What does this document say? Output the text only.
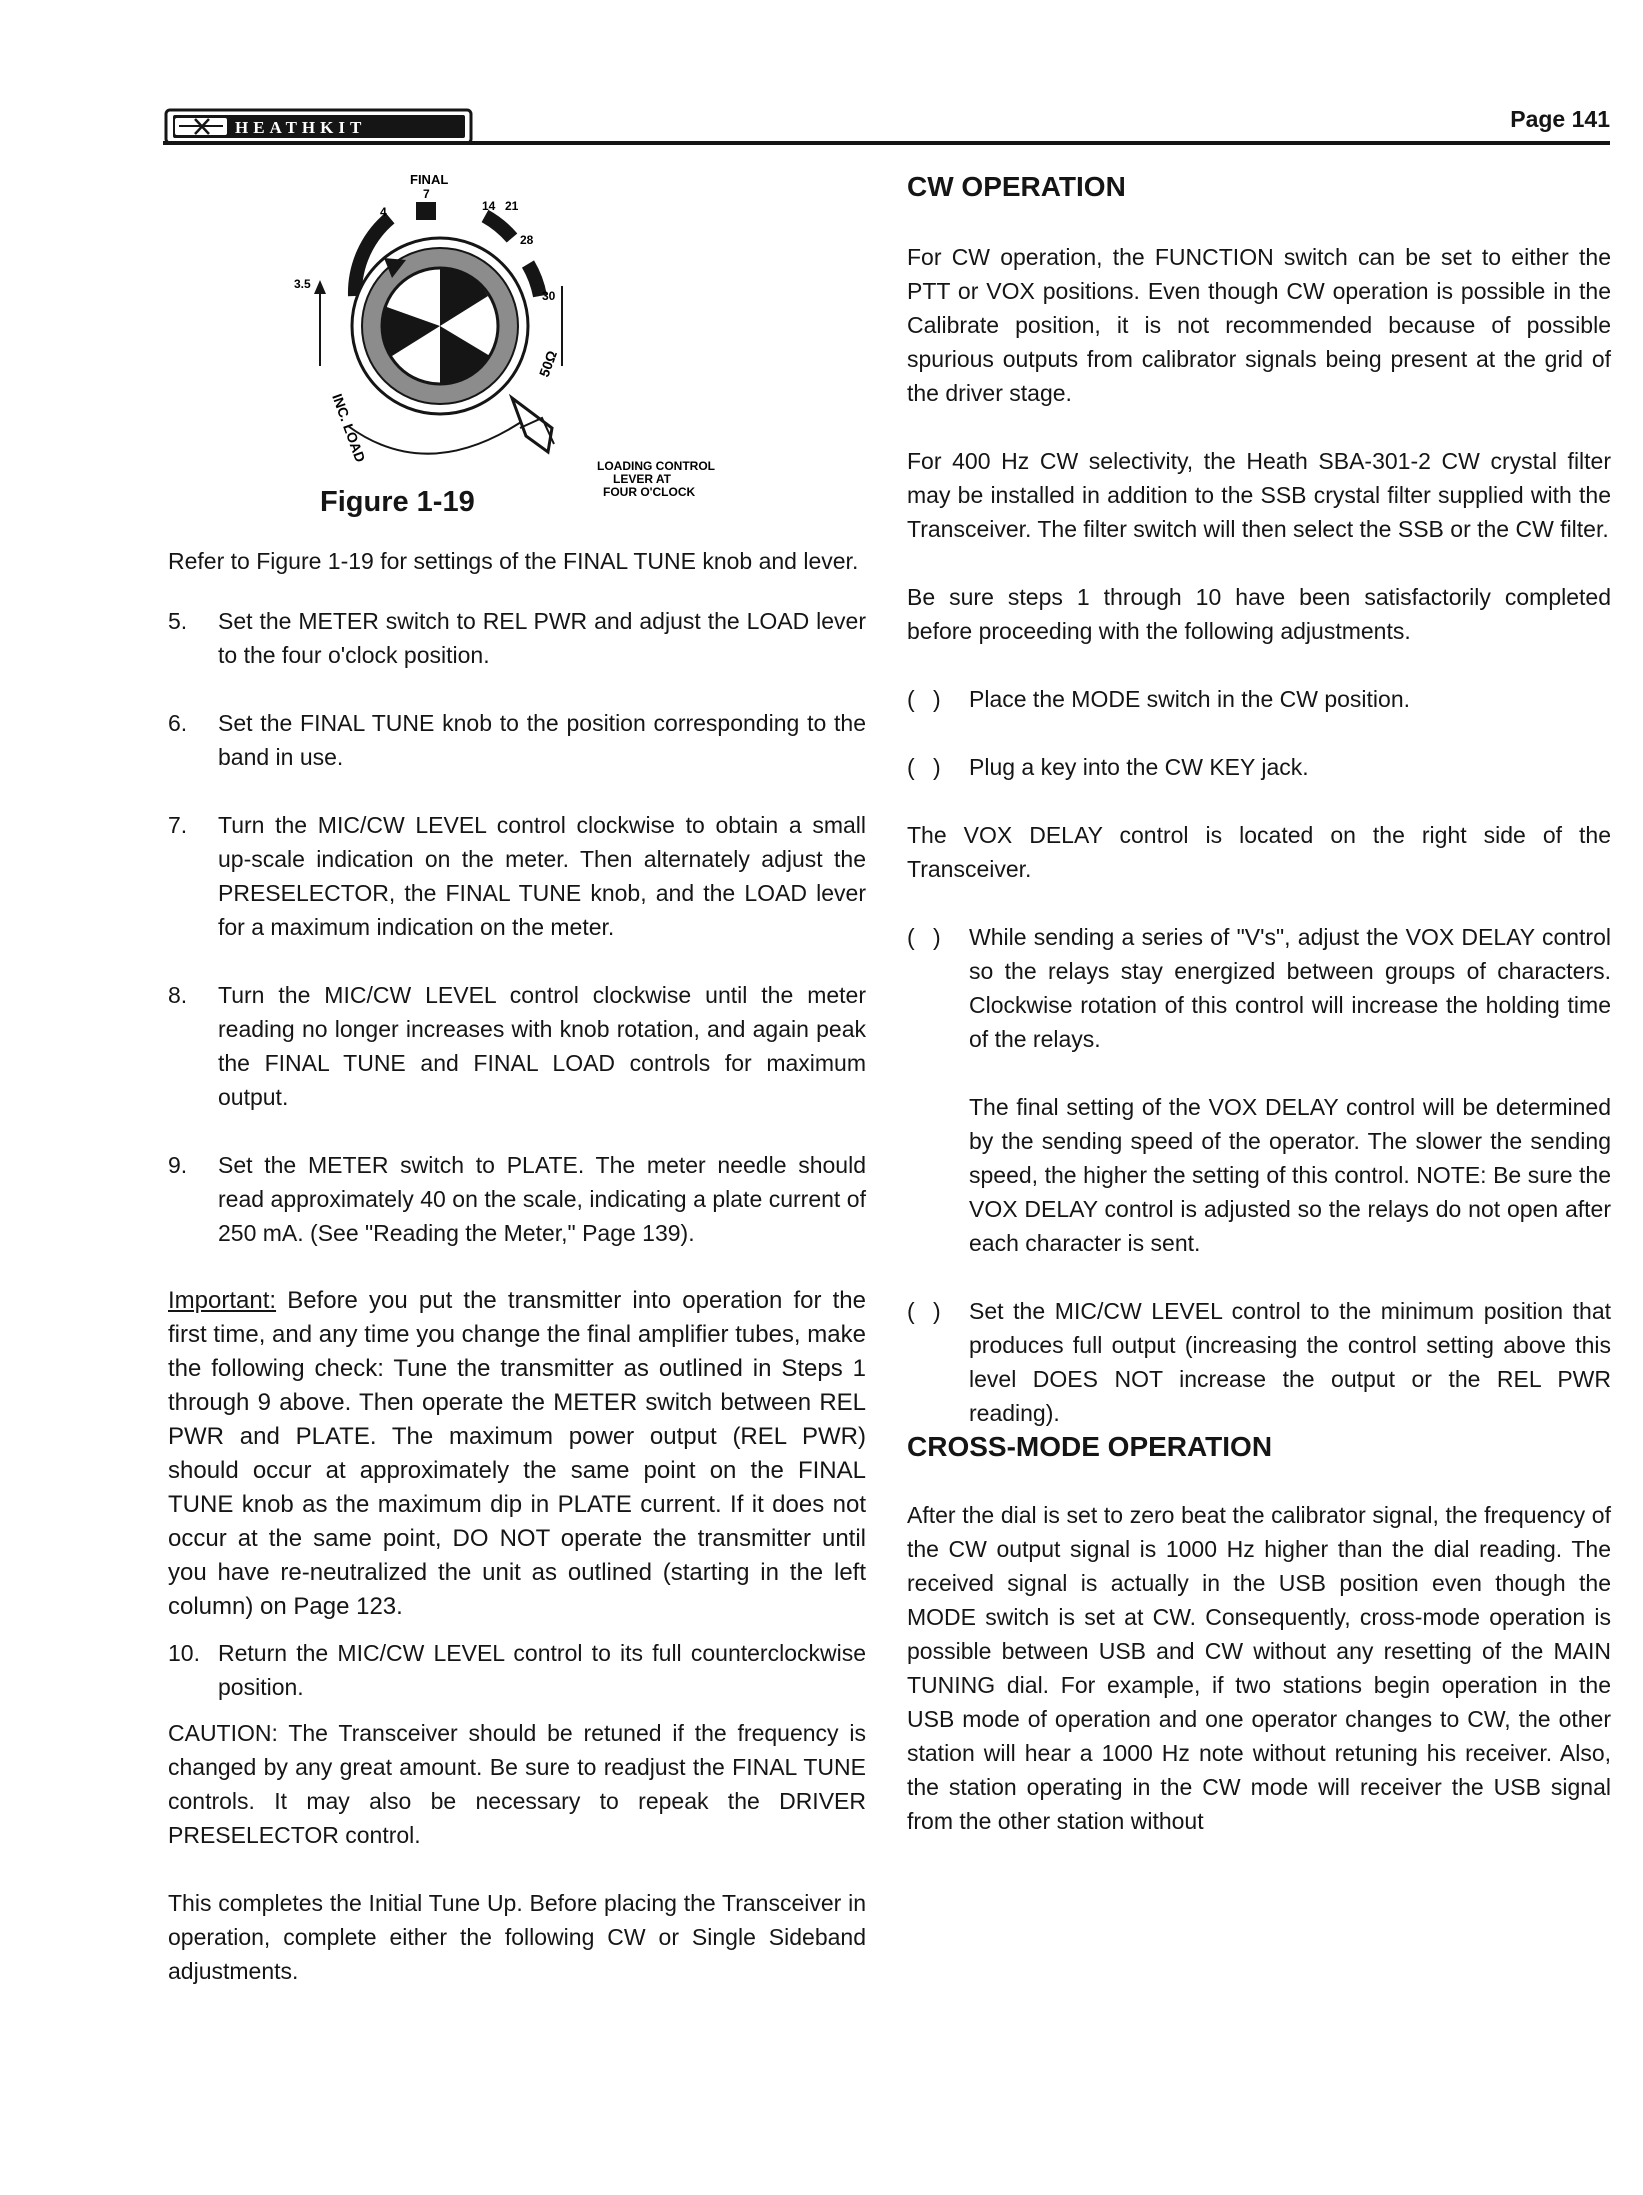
HEATHKIT	Page 141
FINAL
3.5
4
7
14 21
28
30
INC. LOAD
50Ω
LOADING CONTROL
LEVER AT
FOUR O'CLOCK
Figure 1-19

Refer to Figure 1-19 for settings of the FINAL TUNE knob and lever.

5.	Set the METER switch to REL PWR and adjust the LOAD lever to the four o'clock position.
6.	Set the FINAL TUNE knob to the position corresponding to the band in use.
7.	Turn the MIC/CW LEVEL control clockwise to obtain a small up-scale indication on the meter. Then alternately adjust the PRESELECTOR, the FINAL TUNE knob, and the LOAD lever for a maximum indication on the meter.
8.	Turn the MIC/CW LEVEL control clockwise until the meter reading no longer increases with knob rotation, and again peak the FINAL TUNE and FINAL LOAD controls for maximum output.
9.	Set the METER switch to PLATE. The meter needle should read approximately 40 on the scale, indicating a plate current of 250 mA. (See "Reading the Meter," Page 139).

Important: Before you put the transmitter into operation for the first time, and any time you change the final amplifier tubes, make the following check: Tune the transmitter as outlined in Steps 1 through 9 above. Then operate the METER switch between REL PWR and PLATE. The maximum power output (REL PWR) should occur at approximately the same point on the FINAL TUNE knob as the maximum dip in PLATE current. If it does not occur at the same point, DO NOT operate the transmitter until you have re-neutralized the unit as outlined (starting in the left column) on Page 123.

10. Return the MIC/CW LEVEL control to its full counterclockwise position.

CAUTION: The Transceiver should be retuned if the frequency is changed by any great amount. Be sure to readjust the FINAL TUNE controls. It may also be necessary to repeak the DRIVER PRESELECTOR control.

This completes the Initial Tune Up. Before placing the Transceiver in operation, complete either the following CW or Single Sideband adjustments.

CW OPERATION

For CW operation, the FUNCTION switch can be set to either the PTT or VOX positions. Even though CW operation is possible in the Calibrate position, it is not recommended because of possible spurious outputs from calibrator signals being present at the grid of the driver stage.

For 400 Hz CW selectivity, the Heath SBA-301-2 CW crystal filter may be installed in addition to the SSB crystal filter supplied with the Transceiver. The filter switch will then select the SSB or the CW filter.

Be sure steps 1 through 10 have been satisfactorily completed before proceeding with the following adjustments.

( ) Place the MODE switch in the CW position.
( ) Plug a key into the CW KEY jack.

The VOX DELAY control is located on the right side of the Transceiver.

( ) While sending a series of "V's", adjust the VOX DELAY control so the relays stay energized between groups of characters. Clockwise rotation of this control will increase the holding time of the relays.

The final setting of the VOX DELAY control will be determined by the sending speed of the operator. The slower the sending speed, the higher the setting of this control. NOTE: Be sure the VOX DELAY control is adjusted so the relays do not open after each character is sent.

( ) Set the MIC/CW LEVEL control to the minimum position that produces full output (increasing the control setting above this level DOES NOT increase the output or the REL PWR reading).
CROSS-MODE OPERATION

After the dial is set to zero beat the calibrator signal, the frequency of the CW output signal is 1000 Hz higher than the dial reading. The received signal is actually in the USB position even though the MODE switch is set at CW. Consequently, cross-mode operation is possible between USB and CW without any resetting of the MAIN TUNING dial. For example, if two stations begin operation in the USB mode of operation and one operator changes to CW, the other station will hear a 1000 Hz note without retuning his receiver. Also, the station operating in the CW mode will receiver the USB signal from the other station without
